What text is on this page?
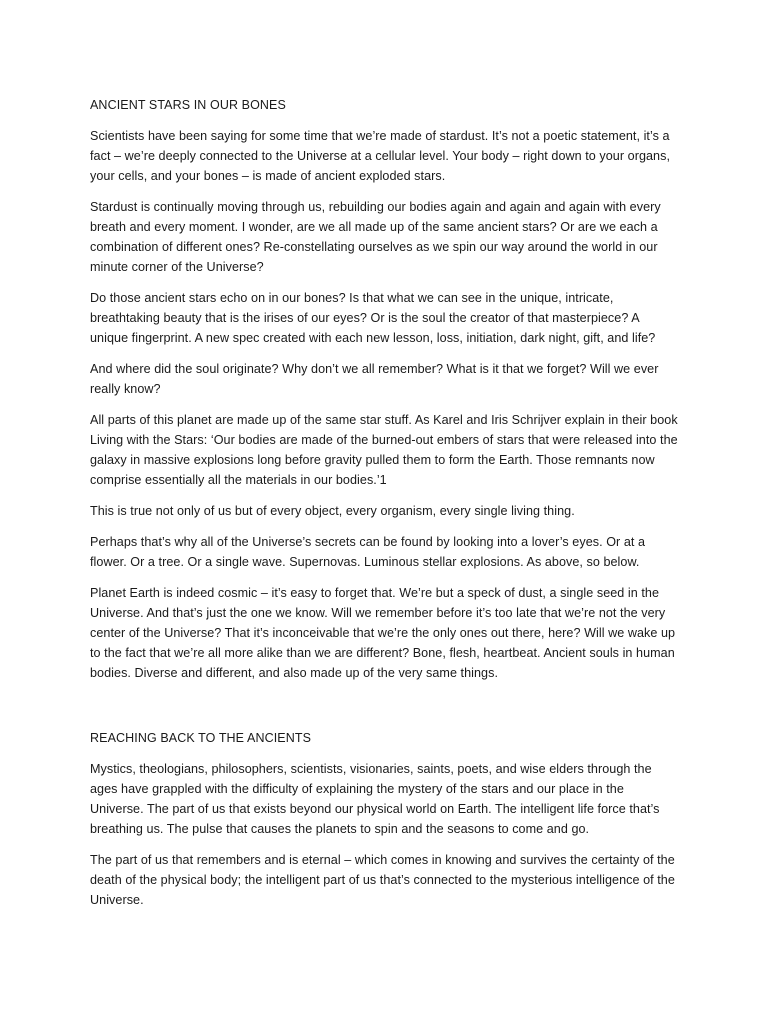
ANCIENT STARS IN OUR BONES

Scientists have been saying for some time that we’re made of stardust. It’s not a poetic statement, it’s a fact – we’re deeply connected to the Universe at a cellular level. Your body – right down to your organs, your cells, and your bones – is made of ancient exploded stars.

Stardust is continually moving through us, rebuilding our bodies again and again and again with every breath and every moment. I wonder, are we all made up of the same ancient stars? Or are we each a combination of different ones? Re-constellating ourselves as we spin our way around the world in our minute corner of the Universe?

Do those ancient stars echo on in our bones? Is that what we can see in the unique, intricate, breathtaking beauty that is the irises of our eyes? Or is the soul the creator of that masterpiece? A unique fingerprint. A new spec created with each new lesson, loss, initiation, dark night, gift, and life?

And where did the soul originate? Why don’t we all remember? What is it that we forget? Will we ever really know?

All parts of this planet are made up of the same star stuff. As Karel and Iris Schrijver explain in their book Living with the Stars: ‘Our bodies are made of the burned-out embers of stars that were released into the galaxy in massive explosions long before gravity pulled them to form the Earth. Those remnants now comprise essentially all the materials in our bodies.’1

This is true not only of us but of every object, every organism, every single living thing.

Perhaps that’s why all of the Universe’s secrets can be found by looking into a lover’s eyes. Or at a flower. Or a tree. Or a single wave. Supernovas. Luminous stellar explosions. As above, so below.

Planet Earth is indeed cosmic – it’s easy to forget that. We’re but a speck of dust, a single seed in the Universe. And that’s just the one we know. Will we remember before it’s too late that we’re not the very center of the Universe? That it’s inconceivable that we’re the only ones out there, here? Will we wake up to the fact that we’re all more alike than we are different? Bone, flesh, heartbeat. Ancient souls in human bodies. Diverse and different, and also made up of the very same things.

REACHING BACK TO THE ANCIENTS

Mystics, theologians, philosophers, scientists, visionaries, saints, poets, and wise elders through the ages have grappled with the difficulty of explaining the mystery of the stars and our place in the Universe. The part of us that exists beyond our physical world on Earth. The intelligent life force that’s breathing us. The pulse that causes the planets to spin and the seasons to come and go.

The part of us that remembers and is eternal – which comes in knowing and survives the certainty of the death of the physical body; the intelligent part of us that’s connected to the mysterious intelligence of the Universe.
